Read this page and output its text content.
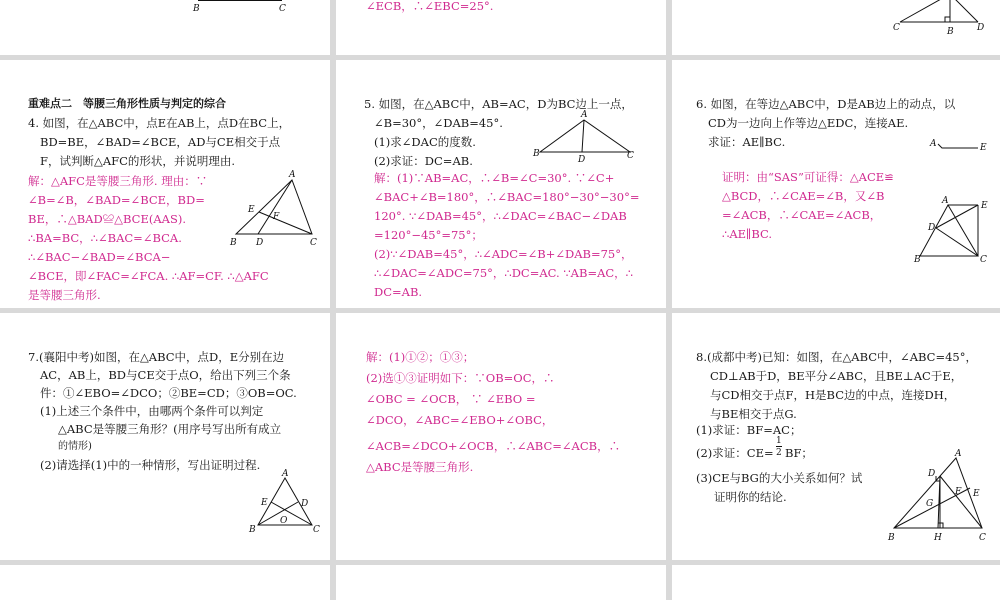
B	C	∠ECB，∴∠EBC=25°.
C	B	D
重难点二　等腰三角形性质与判定的综合
4. 如图，在△ABC中，点E在AB上，点D在BC上，
BD=BE，∠BAD=∠BCE，AD与CE相交于点
F，试判断△AFC的形状，并说明理由.
解：△AFC是等腰三角形. 理由：∵
∠B=∠B，∠BAD=∠BCE，BD=
BE，∴△BAD≌△BCE(AAS).
∴BA=BC，∴∠BAC=∠BCA.
∴∠BAC−∠BAD=∠BCA−
∠BCE，即∠FAC=∠FCA. ∴AF=CF. ∴△AFC
是等腰三角形.
A
E
F
B D	C
5. 如图，在△ABC中，AB=AC，D为BC边上一点，
∠B=30°，∠DAB=45°.
(1)求∠DAC的度数.
(2)求证：DC=AB.
解：(1)∵AB=AC，∴∠B=∠C=30°. ∵∠C+
∠BAC+∠B=180°，∴∠BAC=180°−30°−30°=
120°. ∵∠DAB=45°，∴∠DAC=∠BAC−∠DAB
=120°−45°=75°；
(2)∵∠DAB=45°，∴∠ADC=∠B+∠DAB=75°，
∴∠DAC=∠ADC=75°，∴DC=AC. ∵AB=AC，∴
DC=AB.
A
B
D	C
6. 如图，在等边△ABC中，D是AB边上的动点，以
CD为一边向上作等边△EDC，连接AE.
求证：AE∥BC.
证明：由“SAS”可证得：△ACE≌
△BCD，∴∠CAE=∠B，又∠B
=∠ACB，∴∠CAE=∠ACB，
∴AE∥BC.
A	E
A	E
D
B	C
7.(襄阳中考)如图，在△ABC中，点D，E分别在边
AC，AB上，BD与CE交于点O，给出下列三个条
件：①∠EBO=∠DCO；②BE=CD；③OB=OC.
(1)上述三个条件中，由哪两个条件可以判定
△ABC是等腰三角形？(用序号写出所有成立
的情形)
(2)请选择(1)中的一种情形，写出证明过程.
A
E	D
O
B	C
解：(1)①②；①③；
(2)选①③证明如下：∵OB=OC，∴
∠OBC = ∠OCB， ∵ ∠EBO =
∠DCO，∠ABC=∠EBO+∠OBC，
∠ACB=∠DCO+∠OCB，∴∠ABC=∠ACB，∴
△ABC是等腰三角形.
8.(成都中考)已知：如图，在△ABC中，∠ABC=45°，
CD⊥AB于D，BE平分∠ABC，且BE⊥AC于E，
与CD相交于点F，H是BC边的中点，连接DH，
与BE相交于点G.
(1)求证：BF=AC；
(2)求证：CE=
1
2 BF；
(3)CE与BG的大小关系如何？试
证明你的结论.
A
D
G
F E
B	H	C
